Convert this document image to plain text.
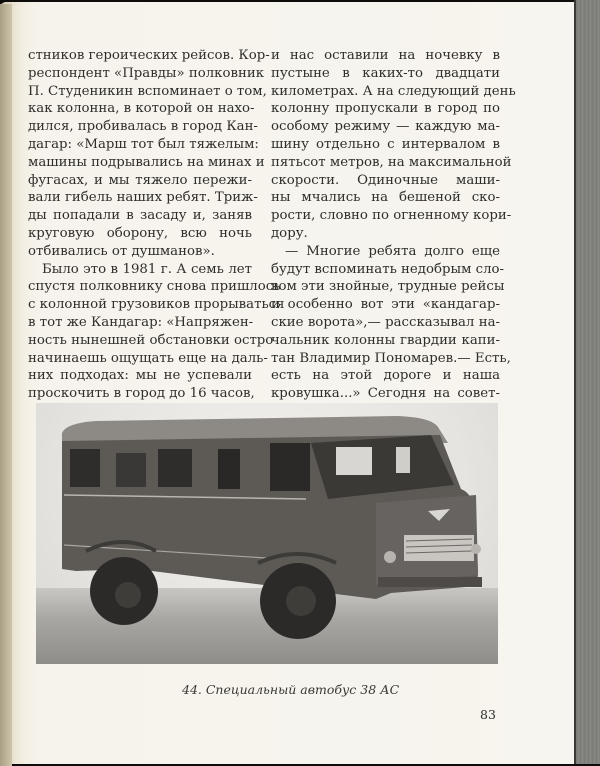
стников героических рейсов. Кор-
респондент «Правды» полковник
П. Студеникин вспоминает о том,
как колонна, в которой он нахо-
дился, пробивалась в город Кан-
дагар: «Марш тот был тяжелым:
машины подрывались на минах и
фугасах, и мы тяжело пережи-
вали гибель наших ребят. Триж-
ды попадали в засаду и, заняв
круговую оборону, всю ночь
отбивались от душманов».
Было это в 1981 г. А семь лет
спустя полковнику снова пришлось
с колонной грузовиков прорываться
в тот же Кандагар: «Напряжен-
ность нынешней обстановки остро
начинаешь ощущать еще на даль-
них подходах: мы не успевали
проскочить в город до 16 часов,
и нас оставили на ночевку в
пустыне в каких-то двадцати
километрах. А на следующий день
колонну пропускали в город по
особому режиму — каждую ма-
шину отдельно с интервалом в
пятьсот метров, на максимальной
скорости. Одиночные маши-
ны мчались на бешеной ско-
рости, словно по огненному кори-
дору.
— Многие ребята долго еще
будут вспоминать недобрым сло-
вом эти знойные, трудные рейсы
и особенно вот эти «кандагар-
ские ворота»,— рассказывал на-
чальник колонны гвардии капи-
тан Владимир Пономарев.— Есть,
есть на этой дороге и наша
кровушка...» Сегодня на совет-
44. Специальный автобус 38 АС
83
